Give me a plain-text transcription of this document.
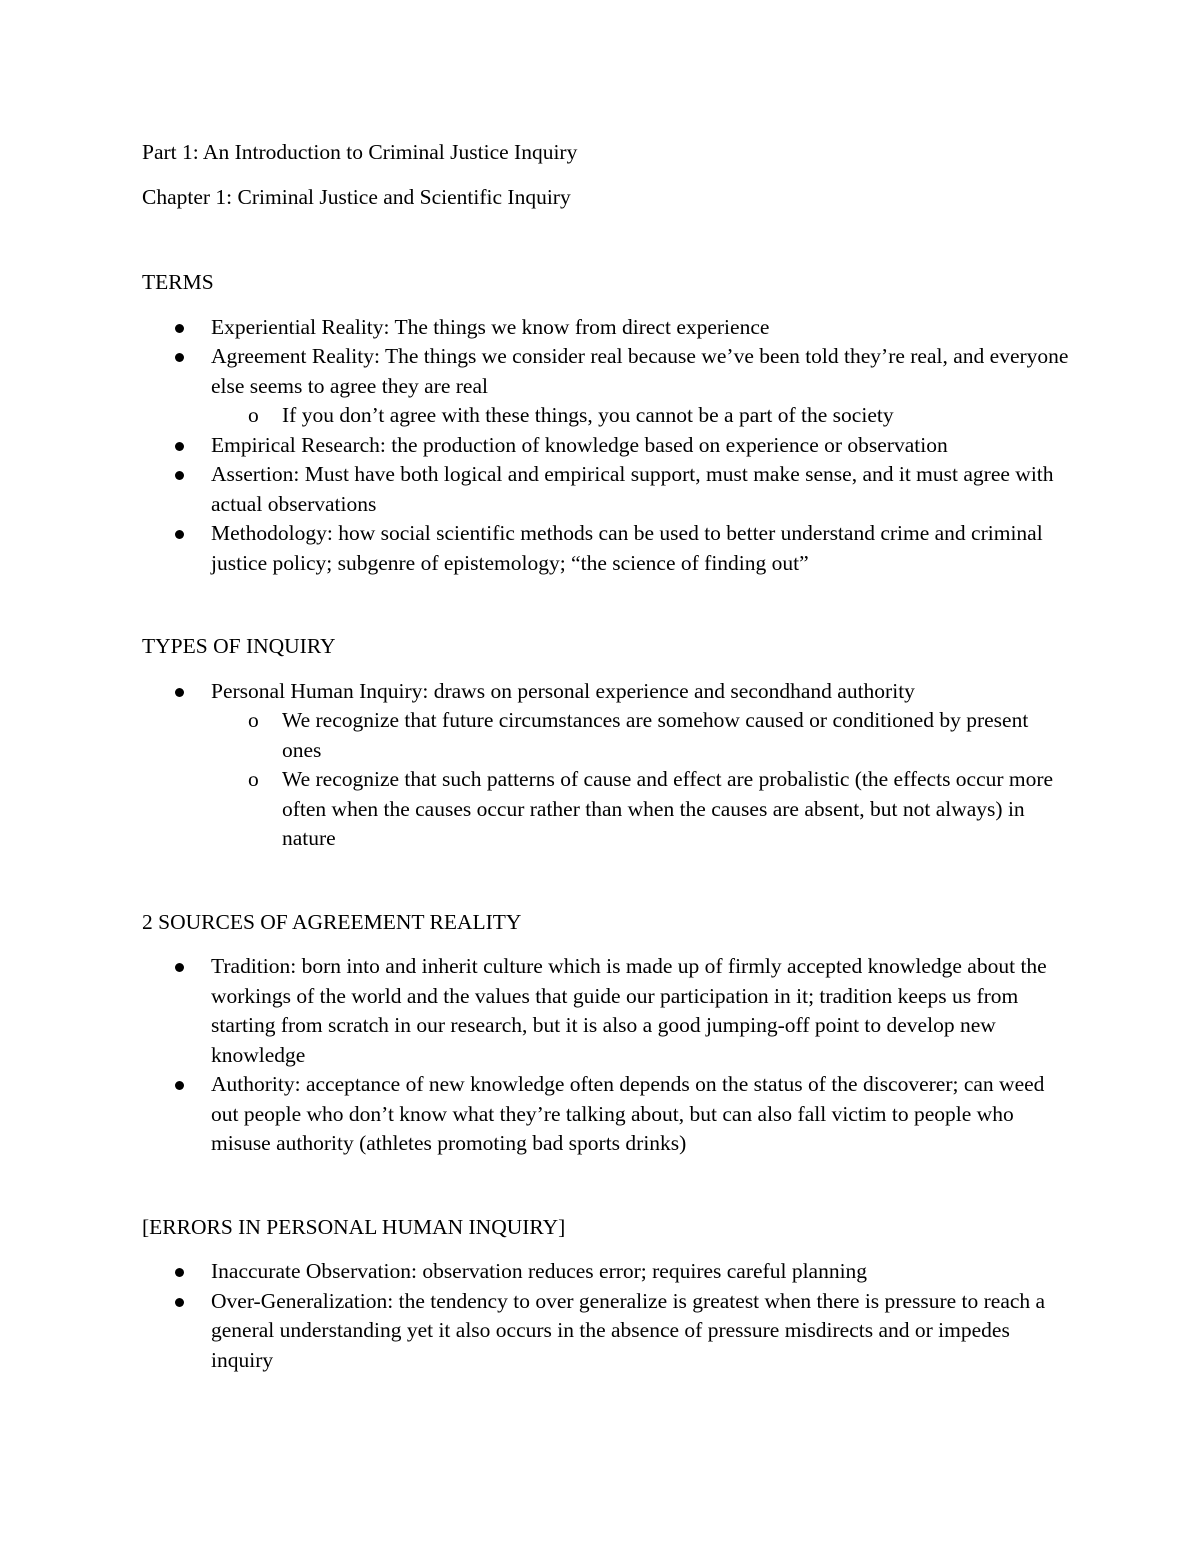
Part 1: An Introduction to Criminal Justice Inquiry

Chapter 1: Criminal Justice and Scientific Inquiry

TERMS

Experiential Reality: The things we know from direct experience
Agreement Reality: The things we consider real because we’ve been told they’re real, and everyone else seems to agree they are real
o If you don’t agree with these things, you cannot be a part of the society
Empirical Research: the production of knowledge based on experience or observation
Assertion: Must have both logical and empirical support, must make sense, and it must agree with actual observations
Methodology: how social scientific methods can be used to better understand crime and criminal justice policy; subgenre of epistemology; “the science of finding out”

TYPES OF INQUIRY

Personal Human Inquiry: draws on personal experience and secondhand authority
o We recognize that future circumstances are somehow caused or conditioned by present ones
o We recognize that such patterns of cause and effect are probalistic (the effects occur more often when the causes occur rather than when the causes are absent, but not always) in nature

2 SOURCES OF AGREEMENT REALITY

Tradition: born into and inherit culture which is made up of firmly accepted knowledge about the workings of the world and the values that guide our participation in it; tradition keeps us from starting from scratch in our research, but it is also a good jumping-off point to develop new knowledge
Authority: acceptance of new knowledge often depends on the status of the discoverer; can weed out people who don’t know what they’re talking about, but can also fall victim to people who misuse authority (athletes promoting bad sports drinks)

[ERRORS IN PERSONAL HUMAN INQUIRY]

Inaccurate Observation: observation reduces error; requires careful planning
Over-Generalization: the tendency to over generalize is greatest when there is pressure to reach a general understanding yet it also occurs in the absence of pressure misdirects and or impedes inquiry
